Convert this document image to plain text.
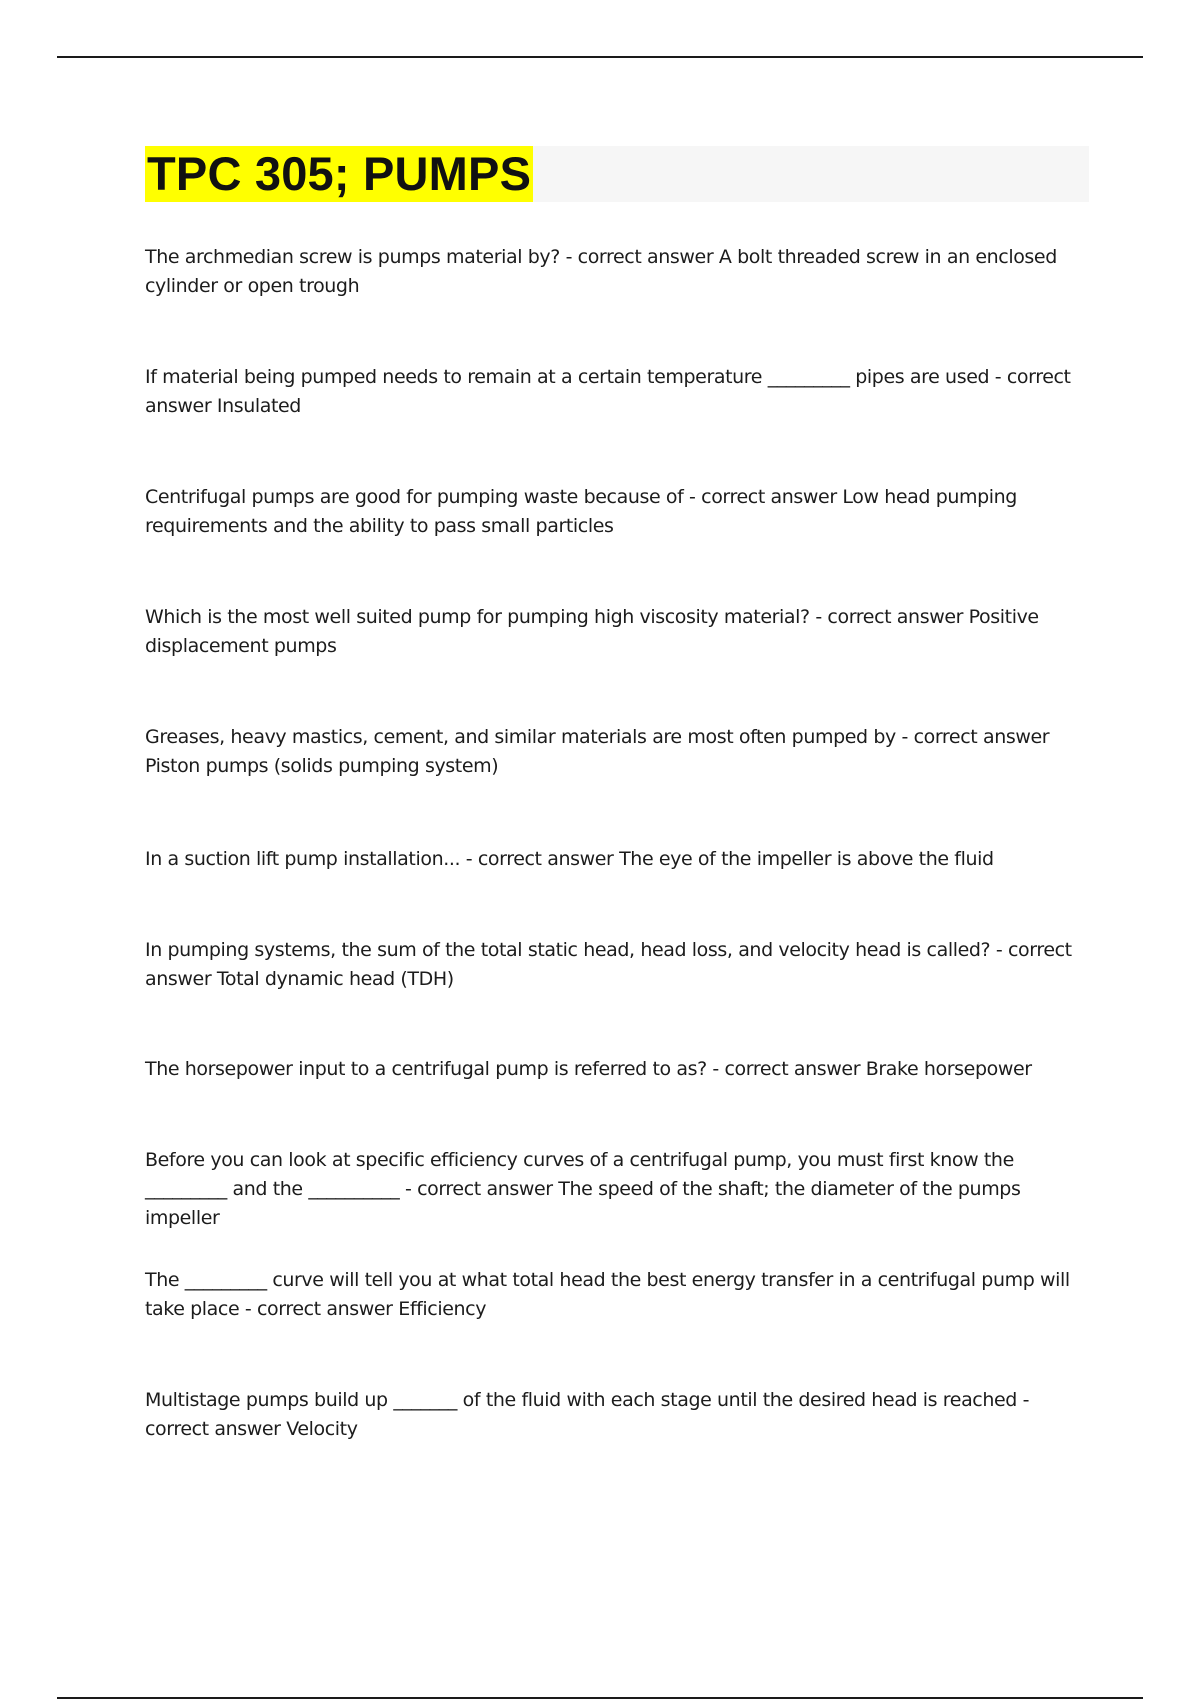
TPC 305; PUMPS
The archmedian screw is pumps material by? - correct answer A bolt threaded screw in an enclosed cylinder or open trough
If material being pumped needs to remain at a certain temperature _________ pipes are used - correct answer Insulated
Centrifugal pumps are good for pumping waste because of - correct answer Low head pumping requirements and the ability to pass small particles
Which is the most well suited pump for pumping high viscosity material? - correct answer Positive displacement pumps
Greases, heavy mastics, cement, and similar materials are most often pumped by - correct answer Piston pumps (solids pumping system)
In a suction lift pump installation... - correct answer The eye of the impeller is above the fluid
In pumping systems, the sum of the total static head, head loss, and velocity head is called? - correct answer Total dynamic head (TDH)
The horsepower input to a centrifugal pump is referred to as? - correct answer Brake horsepower
Before you can look at specific efficiency curves of a centrifugal pump, you must first know the _________ and the __________ - correct answer The speed of the shaft; the diameter of the pumps impeller
The _________ curve will tell you at what total head the best energy transfer in a centrifugal pump will take place - correct answer Efficiency
Multistage pumps build up _______ of the fluid with each stage until the desired head is reached - correct answer Velocity
